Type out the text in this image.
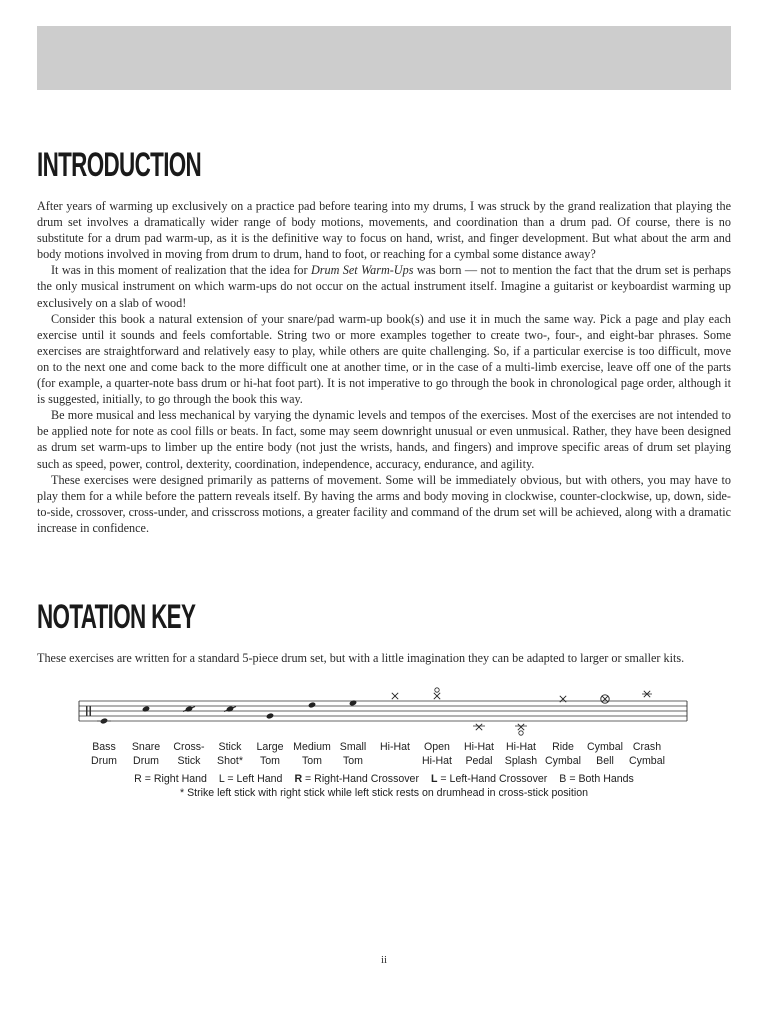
INTRODUCTION

After years of warming up exclusively on a practice pad before tearing into my drums, I was struck by the grand realization that playing the drum set involves a dramatically wider range of body motions, movements, and coordination than a drum pad. Of course, there is no substitute for a drum pad warm-up, as it is the definitive way to focus on hand, wrist, and finger development. But what about the arm and body motions involved in moving from drum to drum, hand to foot, or reaching for a cymbal some distance away?

It was in this moment of realization that the idea for Drum Set Warm-Ups was born — not to mention the fact that the drum set is perhaps the only musical instrument on which warm-ups do not occur on the actual instrument itself. Imagine a guitarist or keyboardist warming up exclusively on a slab of wood!

Consider this book a natural extension of your snare/pad warm-up book(s) and use it in much the same way. Pick a page and play each exercise until it sounds and feels comfortable. String two or more examples together to create two-, four-, and eight-bar phrases. Some exercises are straightforward and relatively easy to play, while others are quite challenging. So, if a particular exercise is too difficult, move on to the next one and come back to the more difficult one at another time, or in the case of a multi-limb exercise, leave off one of the parts (for example, a quarter-note bass drum or hi-hat foot part). It is not imperative to go through the book in chronological page order, although it is suggested, initially, to go through the book this way.

Be more musical and less mechanical by varying the dynamic levels and tempos of the exercises. Most of the exercises are not intended to be applied note for note as cool fills or beats. In fact, some may seem downright unusual or even unmusical. Rather, they have been designed as drum set warm-ups to limber up the entire body (not just the wrists, hands, and fingers) and improve specific areas of drum set playing such as speed, power, control, dexterity, coordination, independence, accuracy, endurance, and agility.

These exercises were designed primarily as patterns of movement. Some will be immediately obvious, but with others, you may have to play them for a while before the pattern reveals itself. By having the arms and body moving in clockwise, counter-clockwise, up, down, side-to-side, crossover, cross-under, and crisscross motions, a greater facility and command of the drum set will be achieved, along with a dramatic increase in confidence.

NOTATION KEY

These exercises are written for a standard 5-piece drum set, but with a little imagination they can be adapted to larger or smaller kits.

Bass
Drum
Snare
Drum
Cross-
Stick
Stick
Shot*
Large
Tom
Medium
Tom
Small
Tom
Hi-Hat	Open
Hi-Hat
Hi-Hat
Pedal
Hi-Hat
Splash
Ride
Cymbal
Cymbal
Bell
Crash
Cymbal
R = Right Hand L = Left Hand R = Right-Hand Crossover L = Left-Hand Crossover B = Both Hands
* Strike left stick with right stick while left stick rests on drumhead in cross-stick position
ii
